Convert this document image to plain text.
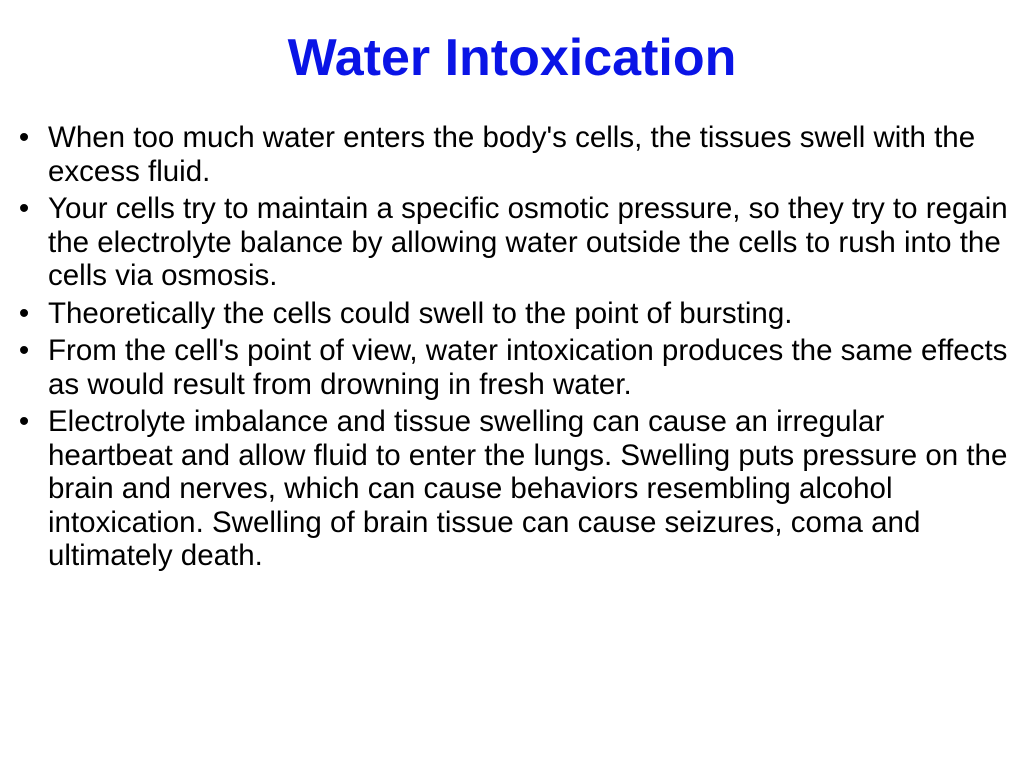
Water Intoxication
• When too much water enters the body's cells, the tissues swell with the excess fluid.
• Your cells try to maintain a specific osmotic pressure, so they try to regain the electrolyte balance by allowing water outside the cells to rush into the cells via osmosis.
• Theoretically the cells could swell to the point of bursting.
• From the cell's point of view, water intoxication produces the same effects as would result from drowning in fresh water.
• Electrolyte imbalance and tissue swelling can cause an irregular heartbeat and allow fluid to enter the lungs. Swelling puts pressure on the brain and nerves, which can cause behaviors resembling alcohol intoxication. Swelling of brain tissue can cause seizures, coma and ultimately death.
